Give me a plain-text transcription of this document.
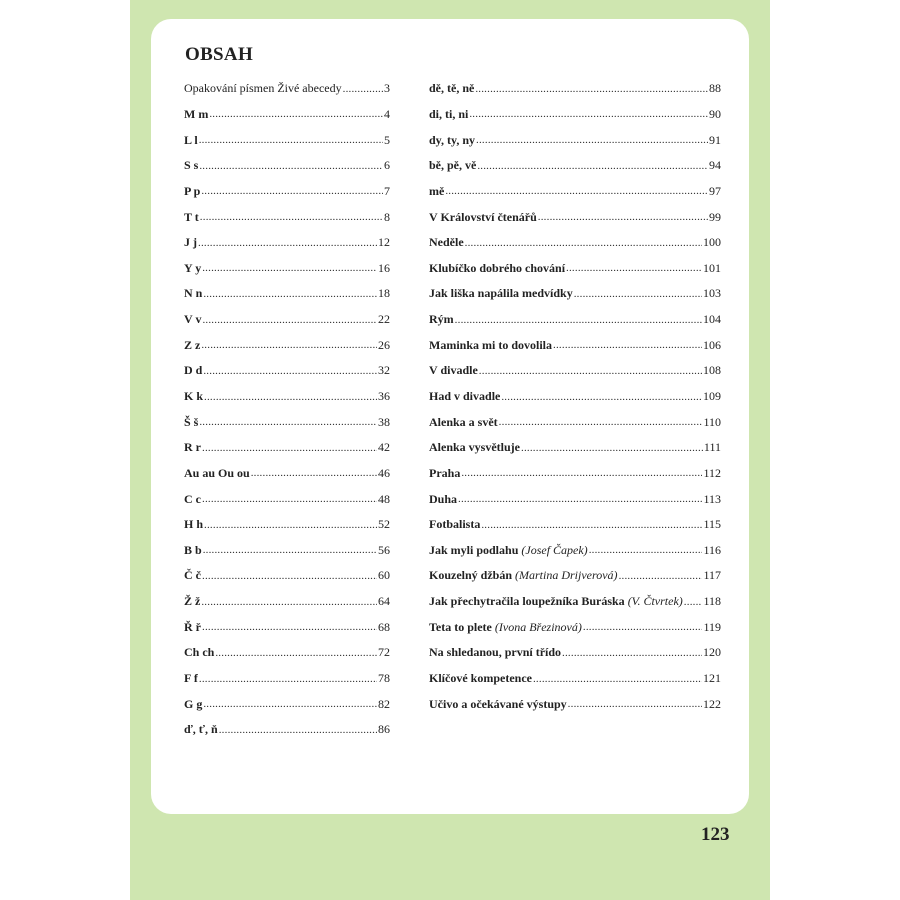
OBSAH
Opakování písmen Živé abecedy .....	3
M m .....	4
L l .....	5
S s .....	6
P p .....	7
T t .....	8
J j .....	12
Y y .....	16
N n .....	18
V v .....	22
Z z .....	26
D d .....	32
K k .....	36
Š š .....	38
R r .....	42
Au au Ou ou .....	46
C c .....	48
H h .....	52
B b .....	56
Č č .....	60
Ž ž .....	64
Ř ř .....	68
Ch ch .....	72
F f .....	78
G g .....	82
ď, ť, ň .....	86
dě, tě, ně .....	88
di, ti, ni .....	90
dy, ty, ny .....	91
bě, pě, vě .....	94
mě .....	97
V Království čtenářů .....	99
Neděle .....	100
Klubíčko dobrého chování .....	101
Jak liška napálila medvídky .....	103
Rým .....	104
Maminka mi to dovolila .....	106
V divadle .....	108
Had v divadle .....	109
Alenka a svět .....	110
Alenka vysvětluje .....	111
Praha .....	112
Duha .....	113
Fotbalista .....	115
Jak myli podlahu (Josef Čapek) .....	116
Kouzelný džbán (Martina Drijverová) .....	117
Jak přechytračila loupežníka Buráska (V. Čtvrtek) ..... 118
Teta to plete (Ivona Březinová) .....	119
Na shledanou, první třído .....	120
Klíčové kompetence .....	121
Učivo a očekávané výstupy .....	122
123
